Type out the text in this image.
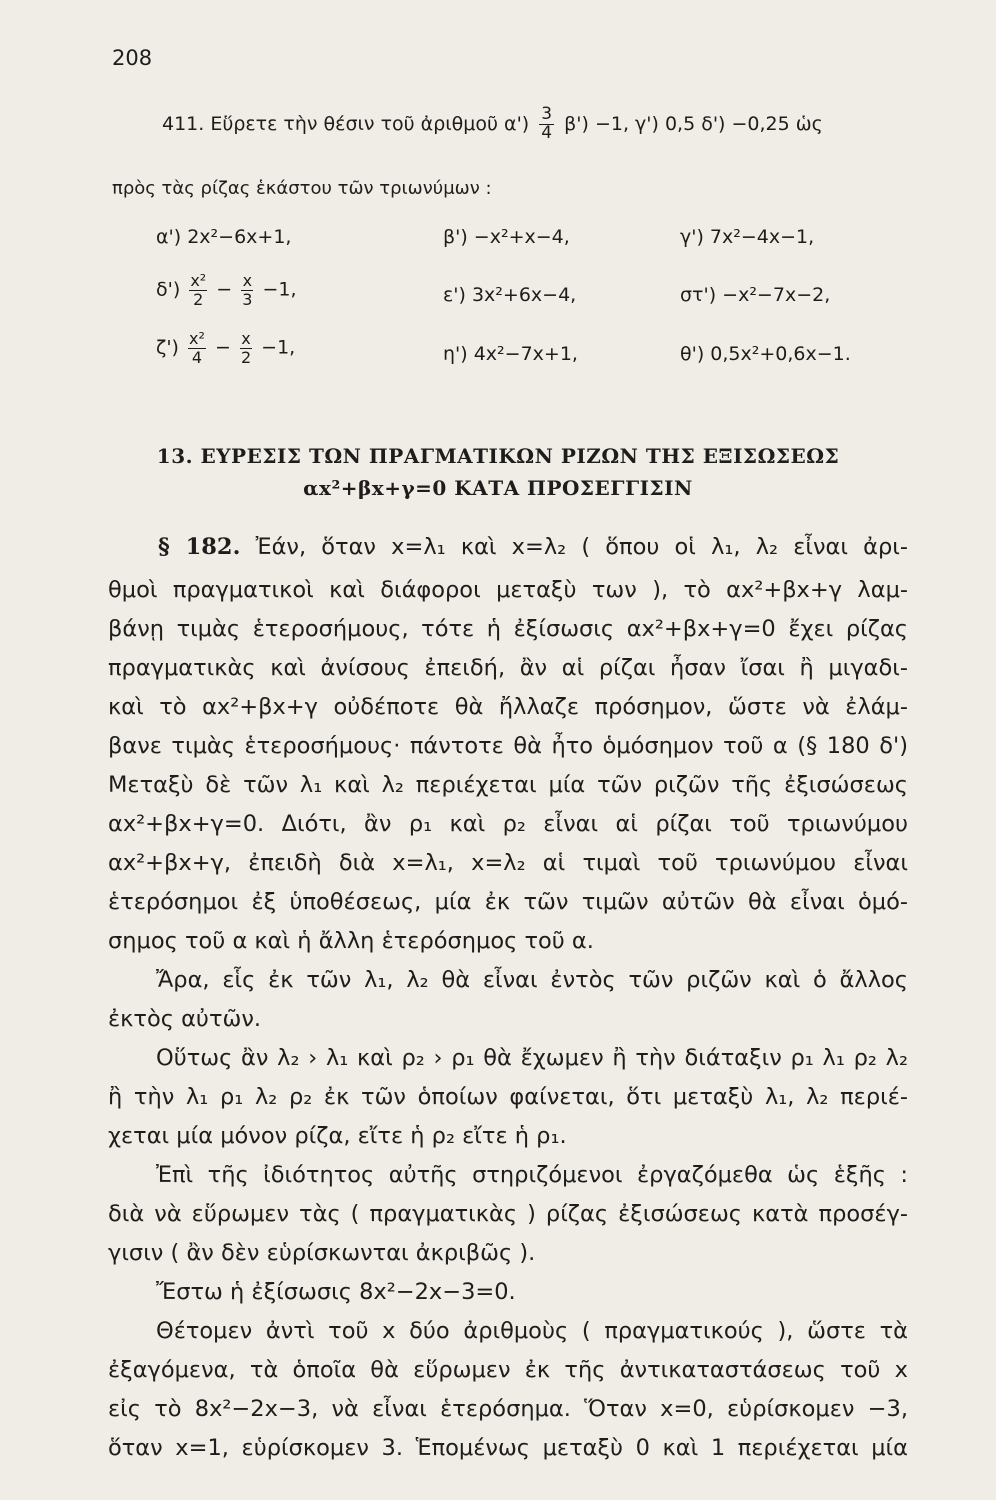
208
411. Εὕρετε τὴν θέσιν τοῦ ἀριθμοῦ $\alpha') \frac{3}{4} \beta') -1$, γ') 0,5 δ') −0,25 ὡς
πρὸς τὰς ρίζας ἑκάστου τῶν τριωνύμων :
α') 2x²−6x+1,	β') −x²+x−4,	γ') 7x²−4x−1,
$\delta') \frac{\text{x²}}{2} - \frac{x}{3} -1$,	ε') 3x²+6x−4,	στ') −x²−7x−2,
$\zeta') \frac{\text{x²}}{4} - \frac{x}{2} -1$,	η') 4x²−7x+1,	θ') 0,5x²+0,6x−1.
13. ΕΥΡΕΣΙΣ ΤΩΝ ΠΡΑΓΜΑΤΙΚΩΝ ΡΙΖΩΝ ΤΗΣ ΕΞΙΣΩΣΕΩΣ
αx²+βx+γ=0 ΚΑΤΑ ΠΡΟΣΕΓΓΙΣΙΝ
§ 182. Ἐάν, ὅταν x=λ₁ καὶ x=λ₂ ( ὅπου οἱ λ₁, λ₂ εἶναι ἀρι-
θμοὶ πραγματικοὶ καὶ διάφοροι μεταξὺ των ), τὸ αx²+βx+γ λαμ-
βάνῃ τιμὰς ἑτεροσήμους, τότε ἡ ἐξίσωσις αx²+βx+γ=0 ἔχει ρίζας
πραγματικὰς καὶ ἀνίσους ἐπειδή, ἂν αἱ ρίζαι ἦσαν ἴσαι ἢ μιγαδι-
καὶ τὸ αx²+βx+γ οὐδέποτε θὰ ἤλλαζε πρόσημον, ὥστε νὰ ἐλάμ-
βανε τιμὰς ἑτεροσήμους· πάντοτε θὰ ἦτο ὁμόσημον τοῦ α (§ 180 δ')
Μεταξὺ δὲ τῶν λ₁ καὶ λ₂ περιέχεται μία τῶν ριζῶν τῆς ἐξισώσεως
αx²+βx+γ=0. Διότι, ἂν ρ₁ καὶ ρ₂ εἶναι αἱ ρίζαι τοῦ τριωνύμου
αx²+βx+γ, ἐπειδὴ διὰ x=λ₁, x=λ₂ αἱ τιμαὶ τοῦ τριωνύμου εἶναι
ἑτερόσημοι ἐξ ὑποθέσεως, μία ἐκ τῶν τιμῶν αὐτῶν θὰ εἶναι ὁμό-
σημος τοῦ α καὶ ἡ ἄλλη ἑτερόσημος τοῦ α.
Ἄρα, εἷς ἐκ τῶν λ₁, λ₂ θὰ εἶναι ἐντὸς τῶν ριζῶν καὶ ὁ ἄλλος
ἐκτὸς αὐτῶν.
Οὕτως ἂν λ₂ › λ₁ καὶ ρ₂ › ρ₁ θὰ ἔχωμεν ἢ τὴν διάταξιν ρ₁ λ₁ ρ₂ λ₂
ἢ τὴν λ₁ ρ₁ λ₂ ρ₂ ἐκ τῶν ὁποίων φαίνεται, ὅτι μεταξὺ λ₁, λ₂ περιέ-
χεται μία μόνον ρίζα, εἴτε ἡ ρ₂ εἴτε ἡ ρ₁.
Ἐπὶ τῆς ἰδιότητος αὐτῆς στηριζόμενοι ἐργαζόμεθα ὡς ἑξῆς :
διὰ νὰ εὕρωμεν τὰς ( πραγματικὰς ) ρίζας ἐξισώσεως κατὰ προσέγ-
γισιν ( ἂν δὲν εὑρίσκωνται ἀκριβῶς ).
Ἔστω ἡ ἐξίσωσις 8x²−2x−3=0.
Θέτομεν ἀντὶ τοῦ x δύο ἀριθμοὺς ( πραγματικούς ), ὥστε τὰ
ἐξαγόμενα, τὰ ὁποῖα θὰ εὕρωμεν ἐκ τῆς ἀντικαταστάσεως τοῦ x
εἰς τὸ 8x²−2x−3, νὰ εἶναι ἑτερόσημα. Ὅταν x=0, εὑρίσκομεν −3,
ὅταν x=1, εὑρίσκομεν 3. Ἑπομένως μεταξὺ 0 καὶ 1 περιέχεται μία
